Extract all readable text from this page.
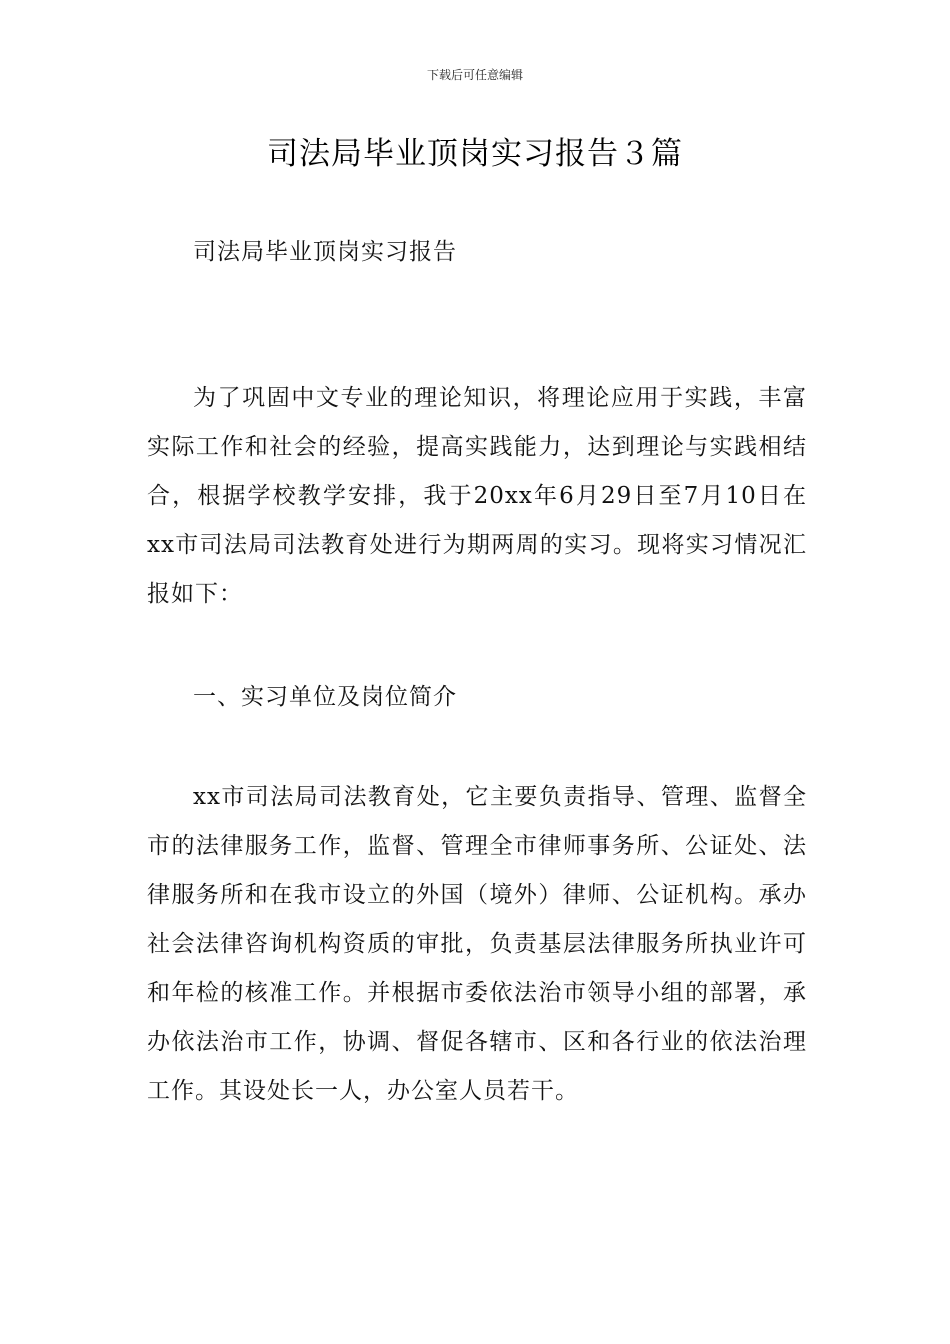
下载后可任意编辑
司法局毕业顶岗实习报告３篇

司法局毕业顶岗实习报告

为了巩固中文专业的理论知识，将理论应用于实践，丰富实际工作和社会的经验，提高实践能力，达到理论与实践相结合，根据学校教学安排，我于20xx年6月29日至7月10日在xx市司法局司法教育处进行为期两周的实习。现将实习情况汇报如下：

一、实习单位及岗位简介

xx市司法局司法教育处，它主要负责指导、管理、监督全市的法律服务工作，监督、管理全市律师事务所、公证处、法律服务所和在我市设立的外国（境外）律师、公证机构。承办社会法律咨询机构资质的审批，负责基层法律服务所执业许可和年检的核准工作。并根据市委依法治市领导小组的部署，承办依法治市工作，协调、督促各辖市、区和各行业的依法治理工作。其设处长一人，办公室人员若干。
